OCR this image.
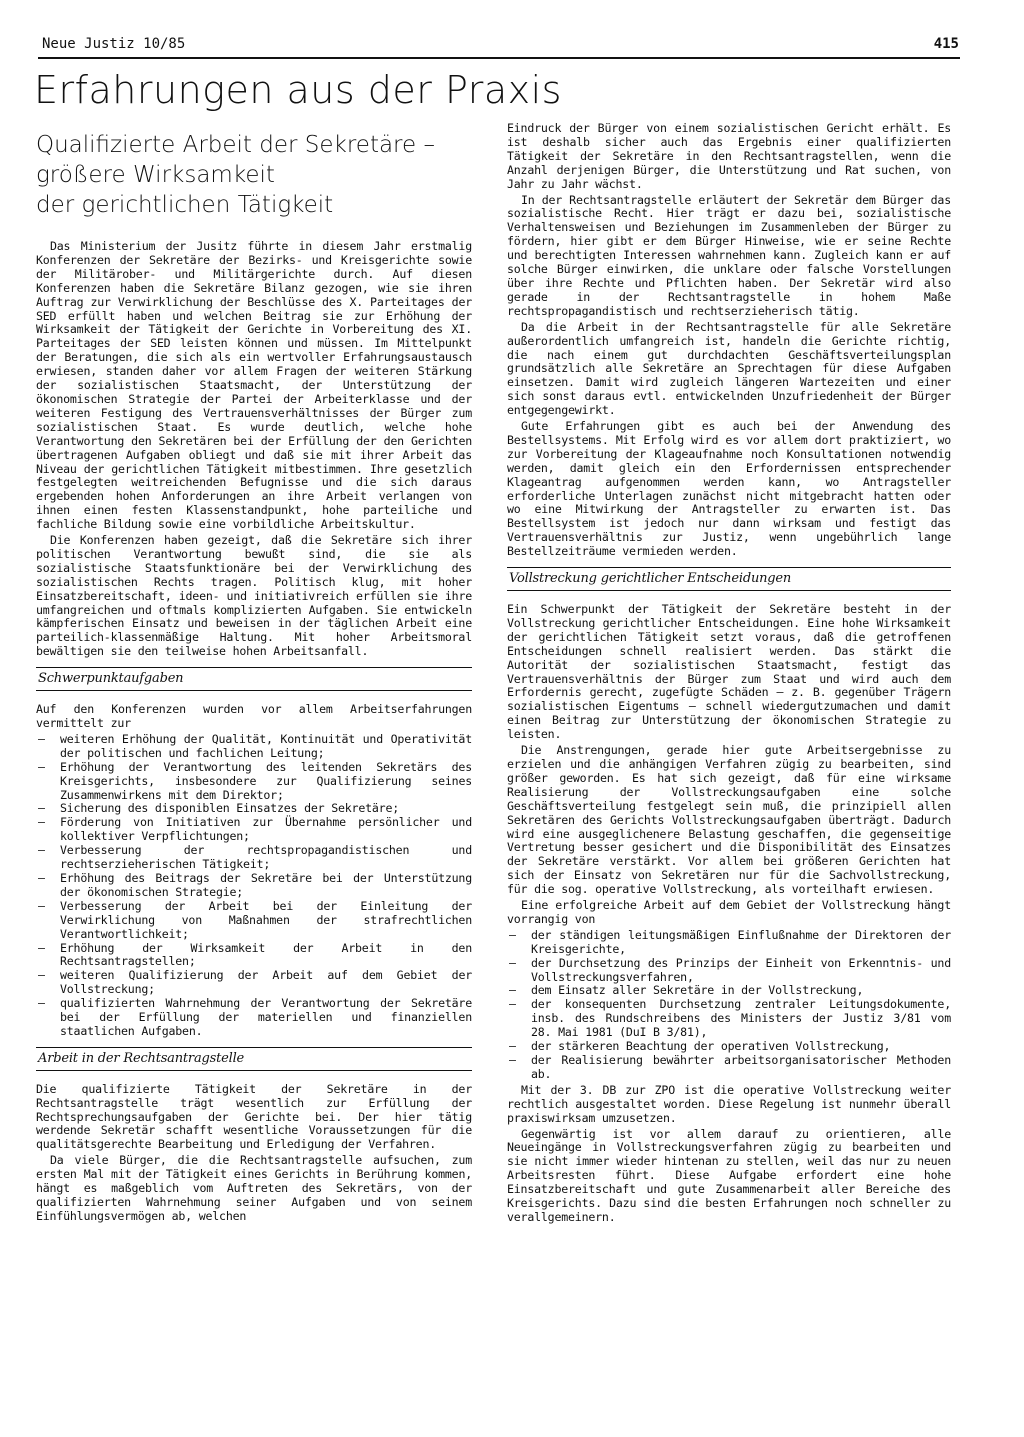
Neue Justiz 10/85	415
Erfahrungen aus der Praxis
Qualifizierte Arbeit der Sekretäre –
größere Wirksamkeit
der gerichtlichen Tätigkeit

Das Ministerium der Jusitz führte in diesem Jahr erstmalig Konferenzen der Sekretäre der Bezirks- und Kreisgerichte sowie der Militärober- und Militärgerichte durch. Auf diesen Konferenzen haben die Sekretäre Bilanz gezogen, wie sie ihren Auftrag zur Verwirklichung der Beschlüsse des X. Parteitages der SED erfüllt haben und welchen Beitrag sie zur Erhöhung der Wirksamkeit der Tätigkeit der Gerichte in Vorbereitung des XI. Parteitages der SED leisten können und müssen. Im Mittelpunkt der Beratungen, die sich als ein wertvoller Erfahrungsaustausch erwiesen, standen daher vor allem Fragen der weiteren Stärkung der sozialistischen Staatsmacht, der Unterstützung der ökonomischen Strategie der Partei der Arbeiterklasse und der weiteren Festigung des Vertrauensverhältnisses der Bürger zum sozialistischen Staat. Es wurde deutlich, welche hohe Verantwortung den Sekretären bei der Erfüllung der den Gerichten übertragenen Aufgaben obliegt und daß sie mit ihrer Arbeit das Niveau der gerichtlichen Tätigkeit mitbestimmen. Ihre gesetzlich festgelegten weitreichenden Befugnisse und die sich daraus ergebenden hohen Anforderungen an ihre Arbeit verlangen von ihnen einen festen Klassenstandpunkt, hohe parteiliche und fachliche Bildung sowie eine vorbildliche Arbeitskultur.

Die Konferenzen haben gezeigt, daß die Sekretäre sich ihrer politischen Verantwortung bewußt sind, die sie als sozialistische Staatsfunktionäre bei der Verwirklichung des sozialistischen Rechts tragen. Politisch klug, mit hoher Einsatzbereitschaft, ideen- und initiativreich erfüllen sie ihre umfangreichen und oftmals komplizierten Aufgaben. Sie entwickeln kämpferischen Einsatz und beweisen in der täglichen Arbeit eine parteilich-klassenmäßige Haltung. Mit hoher Arbeitsmoral bewältigen sie den teilweise hohen Arbeitsanfall.

Schwerpunktaufgaben

Auf den Konferenzen wurden vor allem Arbeitserfahrungen vermittelt zur

– weiteren Erhöhung der Qualität, Kontinuität und Operativität der politischen und fachlichen Leitung;
– Erhöhung der Verantwortung des leitenden Sekretärs des Kreisgerichts, insbesondere zur Qualifizierung seines Zusammenwirkens mit dem Direktor;
– Sicherung des disponiblen Einsatzes der Sekretäre;
– Förderung von Initiativen zur Übernahme persönlicher und kollektiver Verpflichtungen;
– Verbesserung der rechtspropagandistischen und rechtserzieherischen Tätigkeit;
– Erhöhung des Beitrags der Sekretäre bei der Unterstützung der ökonomischen Strategie;
– Verbesserung der Arbeit bei der Einleitung der Verwirklichung von Maßnahmen der strafrechtlichen Verantwortlichkeit;
– Erhöhung der Wirksamkeit der Arbeit in den Rechtsantragstellen;
– weiteren Qualifizierung der Arbeit auf dem Gebiet der Vollstreckung;
– qualifizierten Wahrnehmung der Verantwortung der Sekretäre bei der Erfüllung der materiellen und finanziellen staatlichen Aufgaben.
Arbeit in der Rechtsantragstelle

Die qualifizierte Tätigkeit der Sekretäre in der Rechtsantragstelle trägt wesentlich zur Erfüllung der Rechtsprechungsaufgaben der Gerichte bei. Der hier tätig werdende Sekretär schafft wesentliche Voraussetzungen für die qualitätsgerechte Bearbeitung und Erledigung der Verfahren.

Da viele Bürger, die die Rechtsantragstelle aufsuchen, zum ersten Mal mit der Tätigkeit eines Gerichts in Berührung kommen, hängt es maßgeblich vom Auftreten des Sekretärs, von der qualifizierten Wahrnehmung seiner Aufgaben und von seinem Einfühlungsvermögen ab, welchen

Eindruck der Bürger von einem sozialistischen Gericht erhält. Es ist deshalb sicher auch das Ergebnis einer qualifizierten Tätigkeit der Sekretäre in den Rechtsantragstellen, wenn die Anzahl derjenigen Bürger, die Unterstützung und Rat suchen, von Jahr zu Jahr wächst.

In der Rechtsantragstelle erläutert der Sekretär dem Bürger das sozialistische Recht. Hier trägt er dazu bei, sozialistische Verhaltensweisen und Beziehungen im Zusammenleben der Bürger zu fördern, hier gibt er dem Bürger Hinweise, wie er seine Rechte und berechtigten Interessen wahrnehmen kann. Zugleich kann er auf solche Bürger einwirken, die unklare oder falsche Vorstellungen über ihre Rechte und Pflichten haben. Der Sekretär wird also gerade in der Rechtsantragstelle in hohem Maße rechtspropagandistisch und rechtserzieherisch tätig.

Da die Arbeit in der Rechtsantragstelle für alle Sekretäre außerordentlich umfangreich ist, handeln die Gerichte richtig, die nach einem gut durchdachten Geschäftsverteilungsplan grundsätzlich alle Sekretäre an Sprechtagen für diese Aufgaben einsetzen. Damit wird zugleich längeren Wartezeiten und einer sich sonst daraus evtl. entwickelnden Unzufriedenheit der Bürger entgegengewirkt.

Gute Erfahrungen gibt es auch bei der Anwendung des Bestellsystems. Mit Erfolg wird es vor allem dort praktiziert, wo zur Vorbereitung der Klageaufnahme noch Konsultationen notwendig werden, damit gleich ein den Erfordernissen entsprechender Klageantrag aufgenommen werden kann, wo Antragsteller erforderliche Unterlagen zunächst nicht mitgebracht hatten oder wo eine Mitwirkung der Antragsteller zu erwarten ist. Das Bestellsystem ist jedoch nur dann wirksam und festigt das Vertrauensverhältnis zur Justiz, wenn ungebührlich lange Bestellzeiträume vermieden werden.

Vollstreckung gerichtlicher Entscheidungen

Ein Schwerpunkt der Tätigkeit der Sekretäre besteht in der Vollstreckung gerichtlicher Entscheidungen. Eine hohe Wirksamkeit der gerichtlichen Tätigkeit setzt voraus, daß die getroffenen Entscheidungen schnell realisiert werden. Das stärkt die Autorität der sozialistischen Staatsmacht, festigt das Vertrauensverhältnis der Bürger zum Staat und wird auch dem Erfordernis gerecht, zugefügte Schäden – z. B. gegenüber Trägern sozialistischen Eigentums – schnell wiedergutzumachen und damit einen Beitrag zur Unterstützung der ökonomischen Strategie zu leisten.

Die Anstrengungen, gerade hier gute Arbeitsergebnisse zu erzielen und die anhängigen Verfahren zügig zu bearbeiten, sind größer geworden. Es hat sich gezeigt, daß für eine wirksame Realisierung der Vollstreckungsaufgaben eine solche Geschäftsverteilung festgelegt sein muß, die prinzipiell allen Sekretären des Gerichts Vollstreckungsaufgaben überträgt. Dadurch wird eine ausgeglichenere Belastung geschaffen, die gegenseitige Vertretung besser gesichert und die Disponibilität des Einsatzes der Sekretäre verstärkt. Vor allem bei größeren Gerichten hat sich der Einsatz von Sekretären nur für die Sachvollstreckung, für die sog. operative Vollstreckung, als vorteilhaft erwiesen.

Eine erfolgreiche Arbeit auf dem Gebiet der Vollstreckung hängt vorrangig von

– der ständigen leitungsmäßigen Einflußnahme der Direktoren der Kreisgerichte,
– der Durchsetzung des Prinzips der Einheit von Erkenntnis- und Vollstreckungsverfahren,
– dem Einsatz aller Sekretäre in der Vollstreckung,
– der konsequenten Durchsetzung zentraler Leitungsdokumente, insb. des Rundschreibens des Ministers der Justiz 3/81 vom 28. Mai 1981 (DuI B 3/81),
– der stärkeren Beachtung der operativen Vollstreckung,
– der Realisierung bewährter arbeitsorganisatorischer Methoden ab.

Mit der 3. DB zur ZPO ist die operative Vollstreckung weiter rechtlich ausgestaltet worden. Diese Regelung ist nunmehr überall praxiswirksam umzusetzen.

Gegenwärtig ist vor allem darauf zu orientieren, alle Neueingänge in Vollstreckungsverfahren zügig zu bearbeiten und sie nicht immer wieder hintenan zu stellen, weil das nur zu neuen Arbeitsresten führt. Diese Aufgabe erfordert eine hohe Einsatzbereitschaft und gute Zusammenarbeit aller Bereiche des Kreisgerichts. Dazu sind die besten Erfahrungen noch schneller zu verallgemeinern.
